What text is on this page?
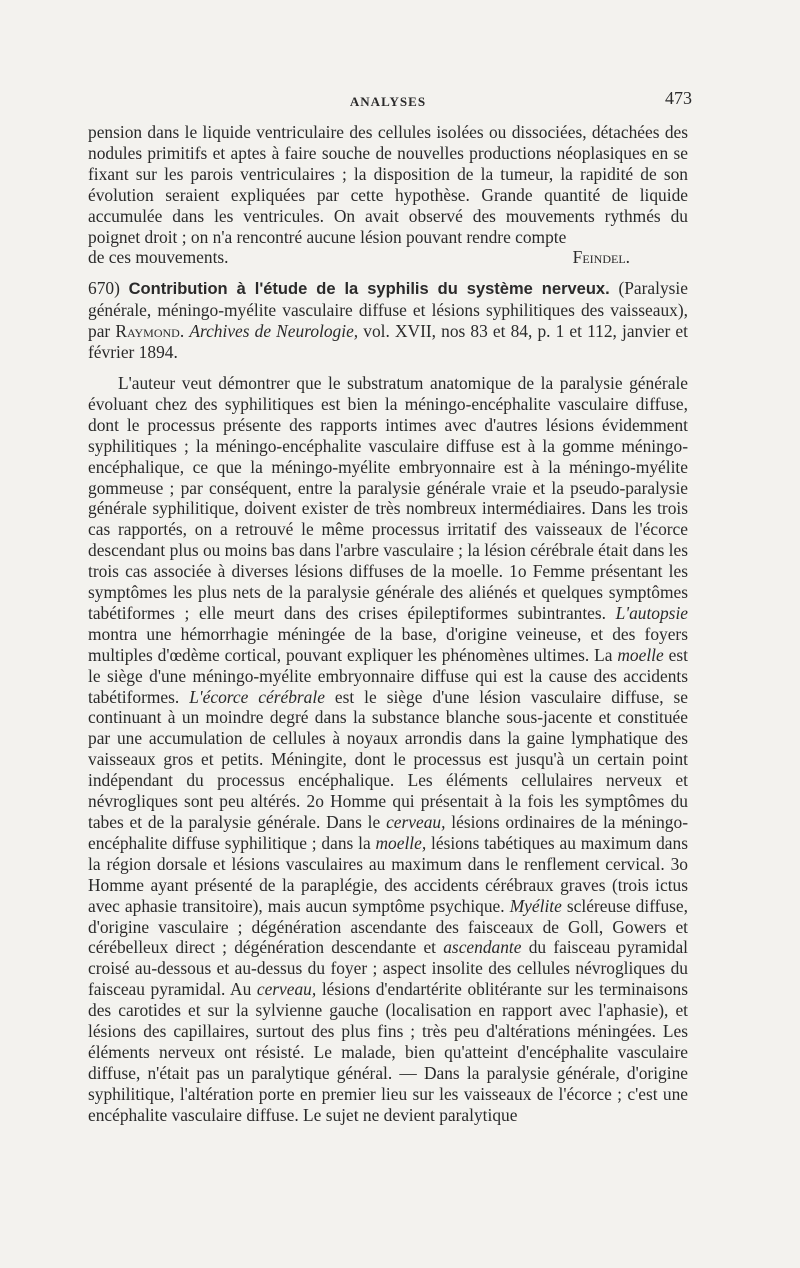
ANALYSES	473

pension dans le liquide ventriculaire des cellules isolées ou dissociées, détachées des nodules primitifs et aptes à faire souche de nouvelles productions néoplasiques en se fixant sur les parois ventriculaires ; la disposition de la tumeur, la rapidité de son évolution seraient expliquées par cette hypothèse. Grande quantité de liquide accumulée dans les ventricules. On avait observé des mouvements rythmés du poignet droit ; on n'a rencontré aucune lésion pouvant rendre compte

de ces mouvements.	Feindel.

670) Contribution à l'étude de la syphilis du système nerveux. (Paralysie générale, méningo-myélite vasculaire diffuse et lésions syphilitiques des vaisseaux), par Raymond. Archives de Neurologie, vol. XVII, nos 83 et 84, p. 1 et 112, janvier et février 1894.

L'auteur veut démontrer que le substratum anatomique de la paralysie générale évoluant chez des syphilitiques est bien la méningo-encéphalite vasculaire diffuse, dont le processus présente des rapports intimes avec d'autres lésions évidemment syphilitiques ; la méningo-encéphalite vasculaire diffuse est à la gomme méningo-encéphalique, ce que la méningo-myélite embryonnaire est à la méningo-myélite gommeuse ; par conséquent, entre la paralysie générale vraie et la pseudo-paralysie générale syphilitique, doivent exister de très nombreux intermédiaires. Dans les trois cas rapportés, on a retrouvé le même processus irritatif des vaisseaux de l'écorce descendant plus ou moins bas dans l'arbre vasculaire ; la lésion cérébrale était dans les trois cas associée à diverses lésions diffuses de la moelle. 1o Femme présentant les symptômes les plus nets de la paralysie générale des aliénés et quelques symptômes tabétiformes ; elle meurt dans des crises épileptiformes subintrantes. L'autopsie montra une hémorrhagie méningée de la base, d'origine veineuse, et des foyers multiples d'œdème cortical, pouvant expliquer les phénomènes ultimes. La moelle est le siège d'une méningo-myélite embryonnaire diffuse qui est la cause des accidents tabétiformes. L'écorce cérébrale est le siège d'une lésion vasculaire diffuse, se continuant à un moindre degré dans la substance blanche sous-jacente et constituée par une accumulation de cellules à noyaux arrondis dans la gaine lymphatique des vaisseaux gros et petits. Méningite, dont le processus est jusqu'à un certain point indépendant du processus encéphalique. Les éléments cellulaires nerveux et névrogliques sont peu altérés. 2o Homme qui présentait à la fois les symptômes du tabes et de la paralysie générale. Dans le cerveau, lésions ordinaires de la méningo-encéphalite diffuse syphilitique ; dans la moelle, lésions tabétiques au maximum dans la région dorsale et lésions vasculaires au maximum dans le renflement cervical. 3o Homme ayant présenté de la paraplégie, des accidents cérébraux graves (trois ictus avec aphasie transitoire), mais aucun symptôme psychique. Myélite scléreuse diffuse, d'origine vasculaire ; dégénération ascendante des faisceaux de Goll, Gowers et cérébelleux direct ; dégénération descendante et ascendante du faisceau pyramidal croisé au-dessous et au-dessus du foyer ; aspect insolite des cellules névrogliques du faisceau pyramidal. Au cerveau, lésions d'endartérite oblitérante sur les terminaisons des carotides et sur la sylvienne gauche (localisation en rapport avec l'aphasie), et lésions des capillaires, surtout des plus fins ; très peu d'altérations méningées. Les éléments nerveux ont résisté. Le malade, bien qu'atteint d'encéphalite vasculaire diffuse, n'était pas un paralytique général. — Dans la paralysie générale, d'origine syphilitique, l'altération porte en premier lieu sur les vaisseaux de l'écorce ; c'est une encéphalite vasculaire diffuse. Le sujet ne devient paralytique
